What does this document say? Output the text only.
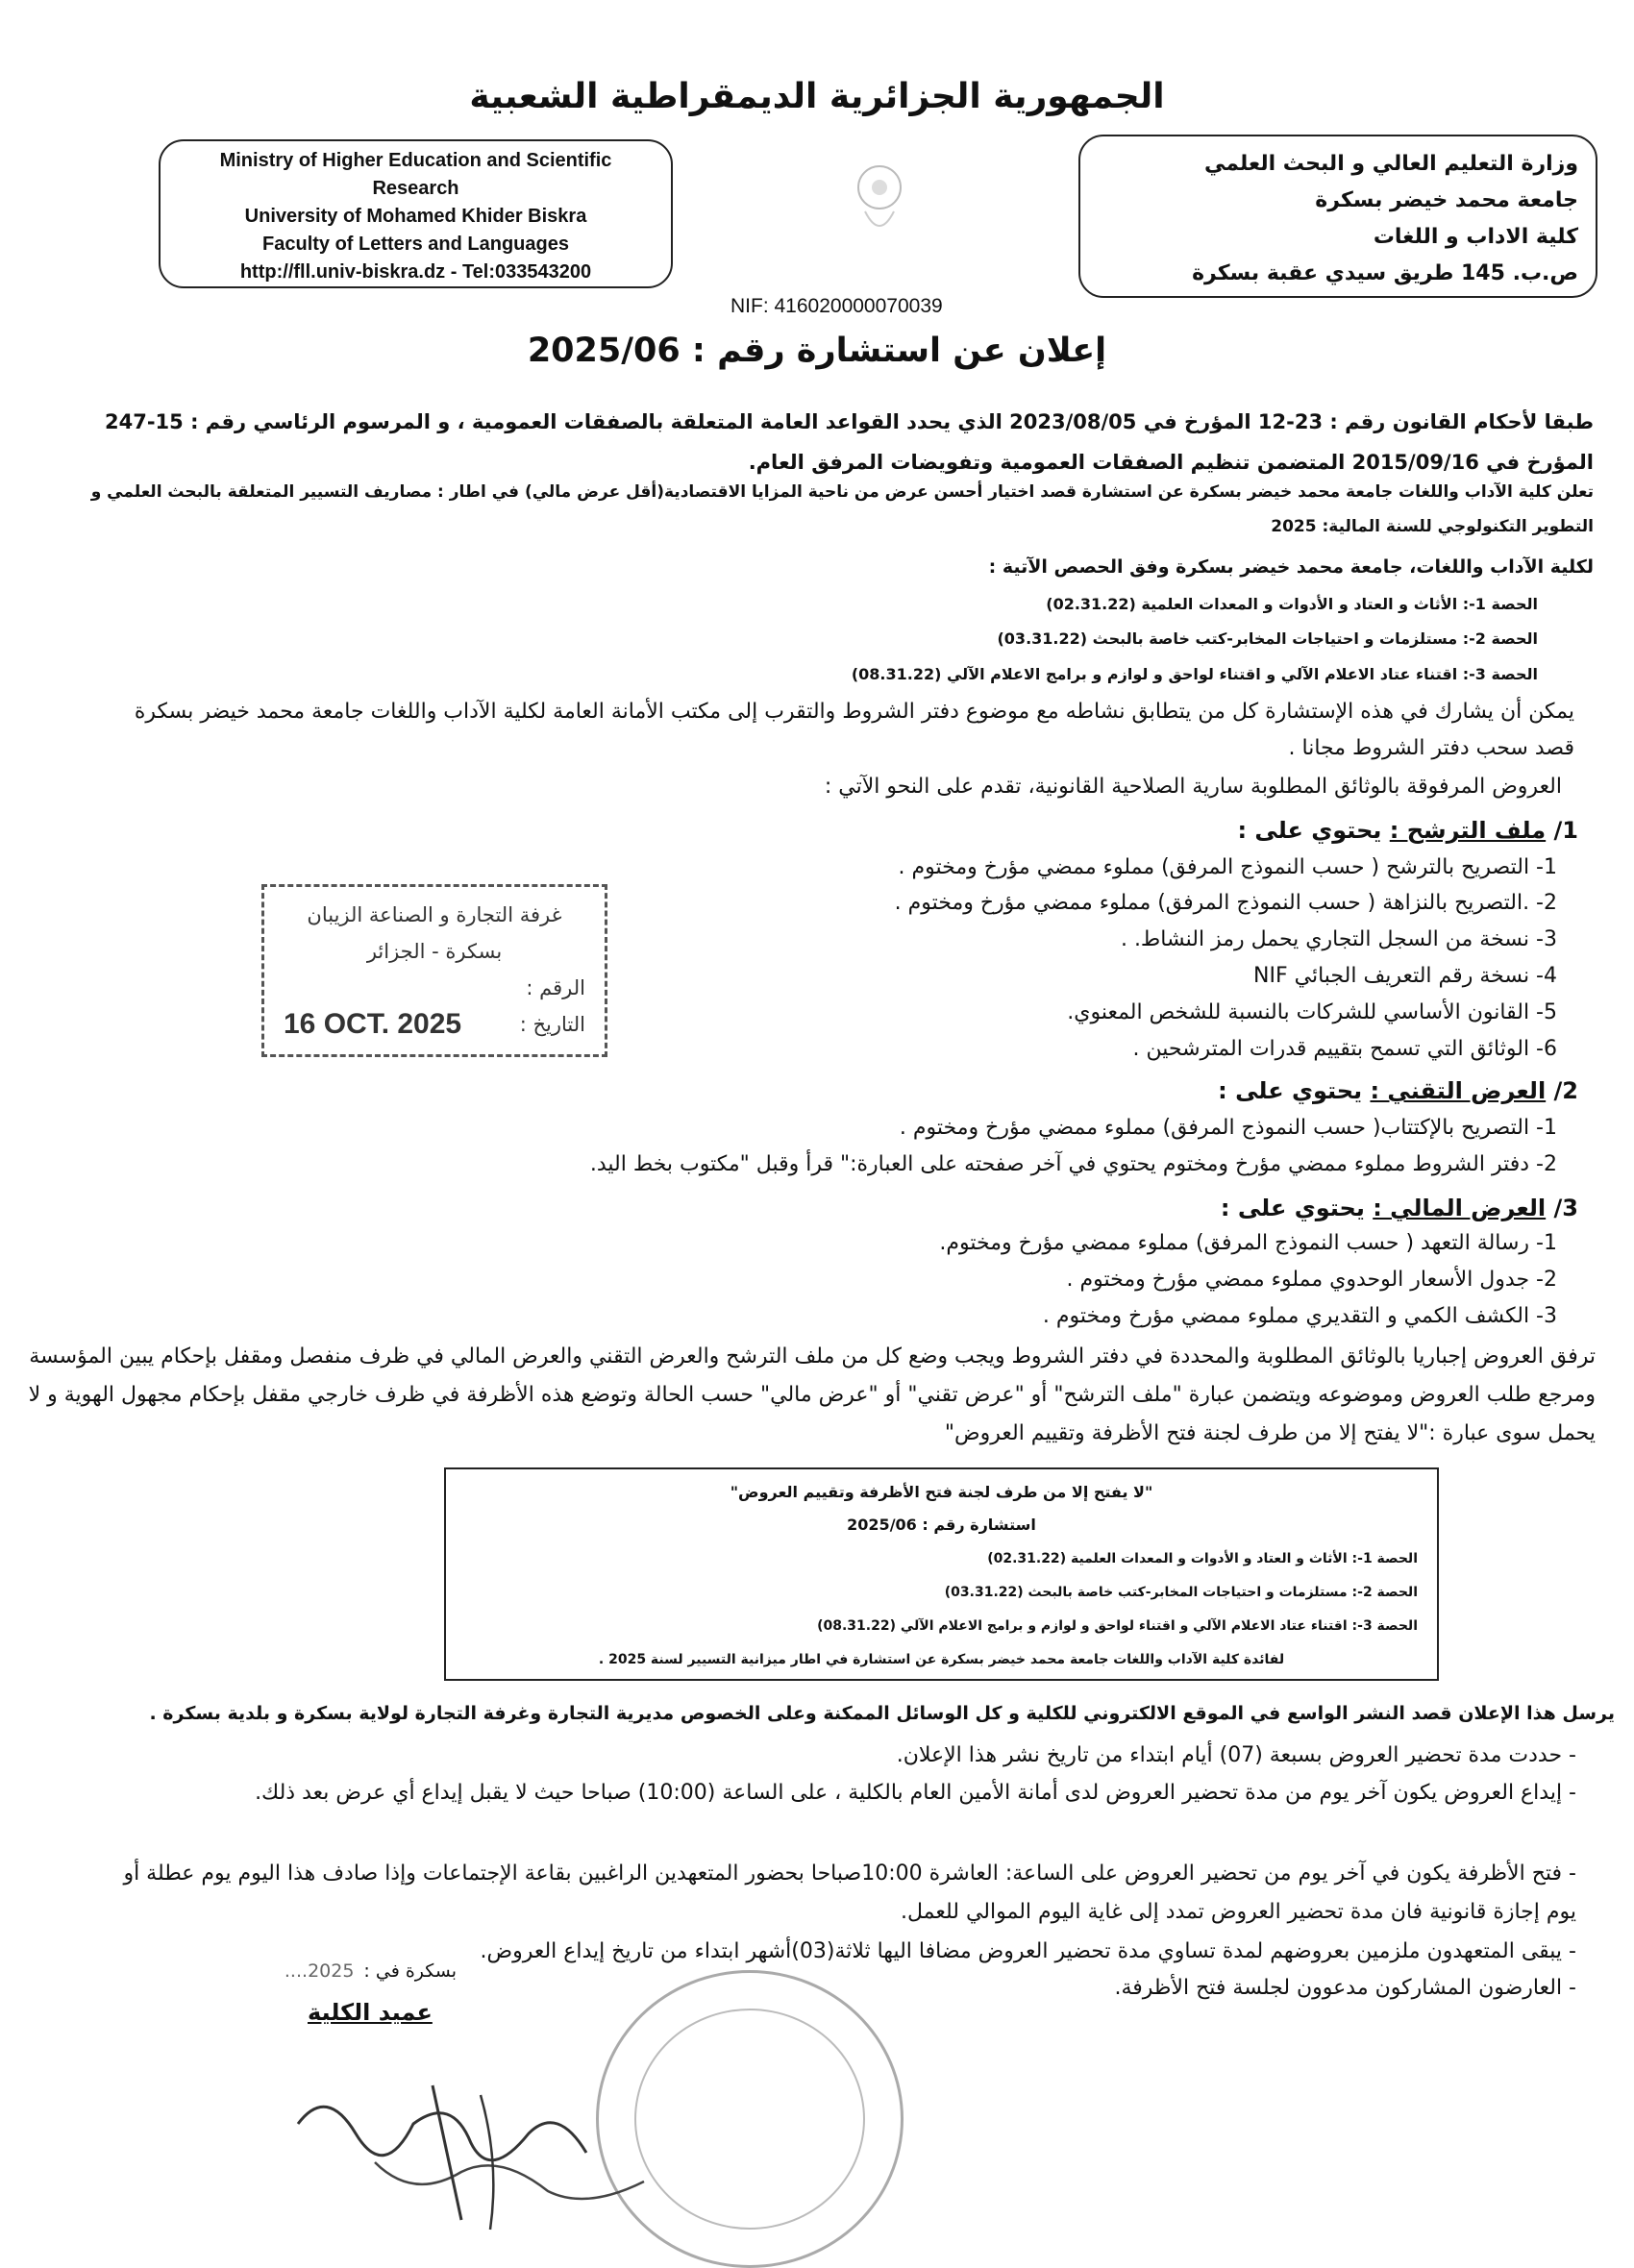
الجمهورية الجزائرية الديمقراطية الشعبية
Ministry of Higher Education and Scientific
Research
University of Mohamed Khider Biskra
Faculty of Letters and Languages
http://fll.univ-biskra.dz - Tel:033543200
وزارة التعليم العالي و البحث العلمي
جامعة محمد خيضر بسكرة
كلية الاداب و اللغات
ص.ب. 145 طريق سيدي عقبة بسكرة
NIF: 416020000070039
إعلان عن استشارة رقم : 2025/06
طبقا لأحكام القانون رقم : 23-12 المؤرخ في 2023/08/05 الذي يحدد القواعد العامة المتعلقة بالصفقات العمومية ، و المرسوم الرئاسي رقم : 15-247 المؤرخ في 2015/09/16 المتضمن تنظيم الصفقات العمومية وتفويضات المرفق العام.
تعلن كلية الآداب واللغات جامعة محمد خيضر بسكرة عن استشارة قصد اختيار أحسن عرض من ناحية المزايا الاقتصادية(أقل عرض مالي) في اطار : مصاريف التسيير المتعلقة بالبحث العلمي و التطوير التكنولوجي للسنة المالية: 2025
لكلية الآداب واللغات، جامعة محمد خيضر بسكرة وفق الحصص الآتية :
الحصة 1-: الأثاث و العتاد و الأدوات و المعدات العلمية (02.31.22)
الحصة 2-: مستلزمات و احتياجات المخابر-كتب خاصة بالبحث (03.31.22)
الحصة 3-: اقتناء عتاد الاعلام الآلي و اقتناء لواحق و لوازم و برامج الاعلام الآلي (08.31.22)
يمكن أن يشارك في هذه الإستشارة كل من يتطابق نشاطه مع موضوع دفتر الشروط والتقرب إلى مكتب الأمانة العامة لكلية الآداب واللغات جامعة محمد خيضر بسكرة قصد سحب دفتر الشروط مجانا .
العروض المرفوقة بالوثائق المطلوبة سارية الصلاحية القانونية، تقدم على النحو الآتي :
1/ ملف الترشح : يحتوي على :
1- التصريح بالترشح ( حسب النموذج المرفق) مملوء ممضي مؤرخ ومختوم .
2- .التصريح بالنزاهة ( حسب النموذج المرفق) مملوء ممضي مؤرخ ومختوم .
3- نسخة من السجل التجاري يحمل رمز النشاط. .
4- نسخة رقم التعريف الجبائي NIF
5- القانون الأساسي للشركات بالنسبة للشخص المعنوي.
6- الوثائق التي تسمح بتقييم قدرات المترشحين .
غرفة التجارة و الصناعة الزيبان
بسكرة - الجزائر
الرقم :
التاريخ :
16 OCT. 2025
2/ العرض التقني : يحتوي على :
1- التصريح بالإكتتاب( حسب النموذج المرفق) مملوء ممضي مؤرخ ومختوم .
2- دفتر الشروط مملوء ممضي مؤرخ ومختوم يحتوي في آخر صفحته على العبارة:" قرأ وقبل "مكتوب بخط اليد.
3/ العرض المالي : يحتوي على :
1- رسالة التعهد ( حسب النموذج المرفق) مملوء ممضي مؤرخ ومختوم.
2- جدول الأسعار الوحدوي مملوء ممضي مؤرخ ومختوم .
3- الكشف الكمي و التقديري مملوء ممضي مؤرخ ومختوم .
ترفق العروض إجباريا بالوثائق المطلوبة والمحددة في دفتر الشروط ويجب وضع كل من ملف الترشح والعرض التقني والعرض المالي في ظرف منفصل ومقفل بإحكام يبين المؤسسة ومرجع طلب العروض وموضوعه ويتضمن عبارة "ملف الترشح" أو "عرض تقني" أو "عرض مالي" حسب الحالة وتوضع هذه الأظرفة في ظرف خارجي مقفل بإحكام مجهول الهوية و لا يحمل سوى عبارة :"لا يفتح إلا من طرف لجنة فتح الأظرفة وتقييم العروض"
"لا يفتح إلا من طرف لجنة فتح الأظرفة وتقييم العروض"
استشارة رقم : 2025/06
الحصة 1-: الأثاث و العتاد و الأدوات و المعدات العلمية (02.31.22)
الحصة 2-: مستلزمات و احتياجات المخابر-كتب خاصة بالبحث (03.31.22)
الحصة 3-: اقتناء عتاد الاعلام الآلي و اقتناء لواحق و لوازم و برامج الاعلام الآلي (08.31.22)
لفائدة كلية الآداب واللغات جامعة محمد خيضر بسكرة عن استشارة في اطار ميزانية التسيير لسنة 2025 .
يرسل هذا الإعلان قصد النشر الواسع في الموقع الالكتروني للكلية و كل الوسائل الممكنة وعلى الخصوص مديرية التجارة وغرفة التجارة لولاية بسكرة و بلدية بسكرة .
- حددت مدة تحضير العروض بسبعة (07) أيام ابتداء من تاريخ نشر هذا الإعلان.
- إيداع العروض يكون آخر يوم من مدة تحضير العروض لدى أمانة الأمين العام بالكلية ، على الساعة (10:00) صباحا حيث لا يقبل إيداع أي عرض بعد ذلك.
- فتح الأظرفة يكون في آخر يوم من تحضير العروض على الساعة: العاشرة 10:00صباحا بحضور المتعهدين الراغبين بقاعة الإجتماعات وإذا صادف هذا اليوم يوم عطلة أو يوم إجازة قانونية فان مدة تحضير العروض تمدد إلى غاية اليوم الموالي للعمل.
- يبقى المتعهدون ملزمين بعروضهم لمدة تساوي مدة تحضير العروض مضافا اليها ثلاثة(03)أشهر ابتداء من تاريخ إيداع العروض.
- العارضون المشاركون مدعوون لجلسة فتح الأظرفة.
بسكرة في :
2025....
عميد الكلية
